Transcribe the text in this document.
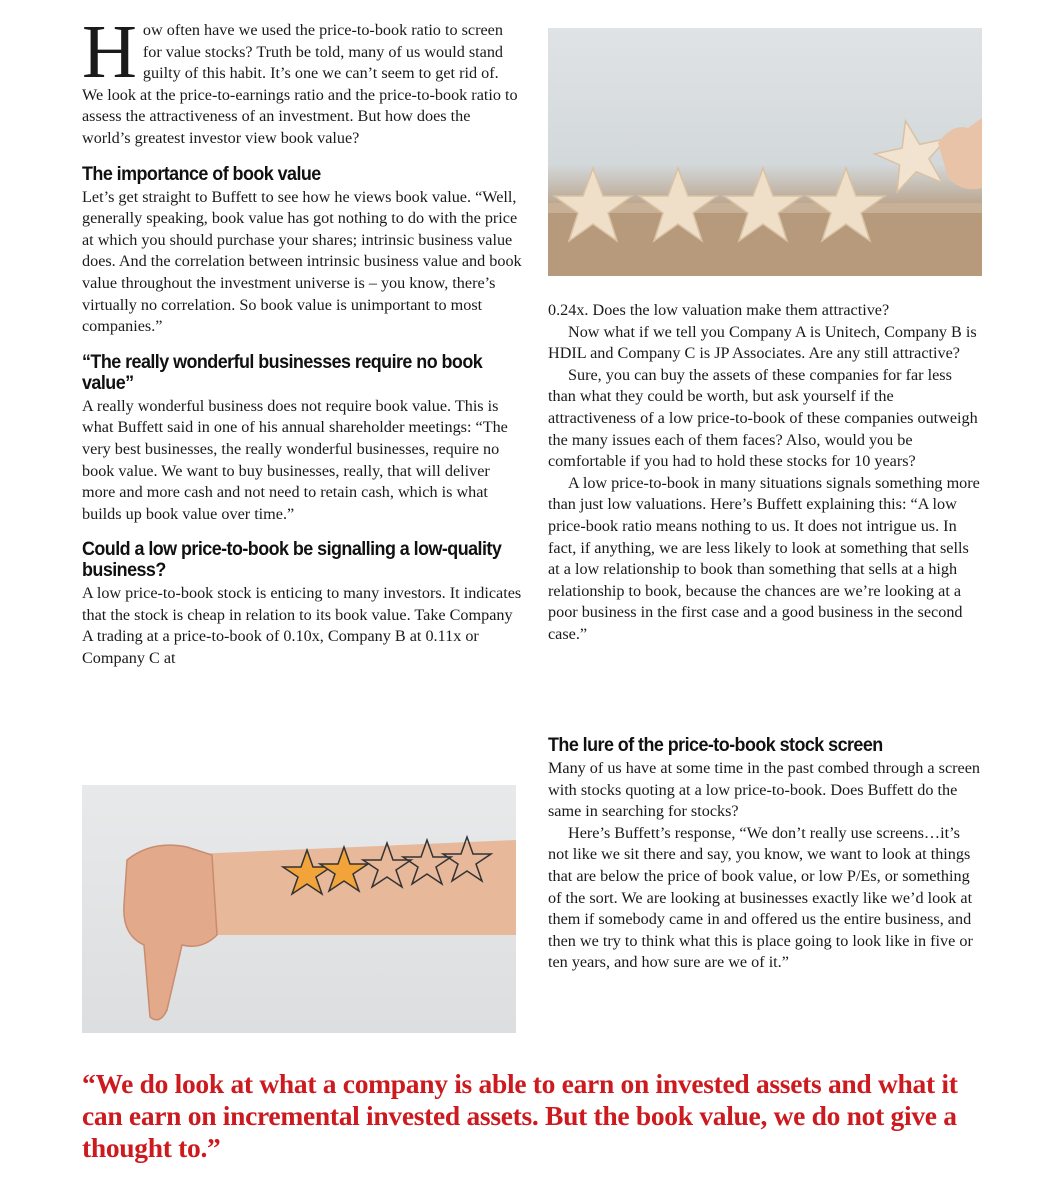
How often have we used the price-to-book ratio to screen for value stocks? Truth be told, many of us would stand guilty of this habit. It’s one we can’t seem to get rid of. We look at the price-to-earnings ratio and the price-to-book ratio to assess the attractiveness of an investment. But how does the world’s greatest investor view book value?

The importance of book value

Let’s get straight to Buffett to see how he views book value. “Well, generally speaking, book value has got nothing to do with the price at which you should purchase your shares; intrinsic business value does. And the correlation between intrinsic business value and book value throughout the investment universe is – you know, there’s virtually no correlation. So book value is unimportant to most companies.”

“The really wonderful businesses require no book value”

A really wonderful business does not require book value. This is what Buffett said in one of his annual shareholder meetings: “The very best businesses, the really wonderful businesses, require no book value. We want to buy businesses, really, that will deliver more and more cash and not need to retain cash, which is what builds up book value over time.”

Could a low price-to-book be signalling a low-quality business?

A low price-to-book stock is enticing to many investors. It indicates that the stock is cheap in relation to its book value. Take Company A trading at a price-to-book of 0.10x, Company B at 0.11x or Company C at

0.24x. Does the low valuation make them attractive?

Now what if we tell you Company A is Unitech, Company B is HDIL and Company C is JP Associates. Are any still attractive?

Sure, you can buy the assets of these companies for far less than what they could be worth, but ask yourself if the attractiveness of a low price-to-book of these companies outweigh the many issues each of them faces? Also, would you be comfortable if you had to hold these stocks for 10 years?

A low price-to-book in many situations signals something more than just low valuations. Here’s Buffett explaining this: “A low price-book ratio means nothing to us. It does not intrigue us. In fact, if anything, we are less likely to look at something that sells at a low relationship to book than something that sells at a high relationship to book, because the chances are we’re looking at a poor business in the first case and a good business in the second case.”

The lure of the price-to-book stock screen

Many of us have at some time in the past combed through a screen with stocks quoting at a low price-to-book. Does Buffett do the same in searching for stocks?

Here’s Buffett’s response, “We don’t really use screens…it’s not like we sit there and say, you know, we want to look at things that are below the price of book value, or low P/Es, or something of the sort. We are looking at businesses exactly like we’d look at them if somebody came in and offered us the entire business, and then we try to think what this is place going to look like in five or ten years, and how sure are we of it.”

“We do look at what a company is able to earn on invested assets and what it can earn on incremental invested assets. But the book value, we do not give a thought to.”
